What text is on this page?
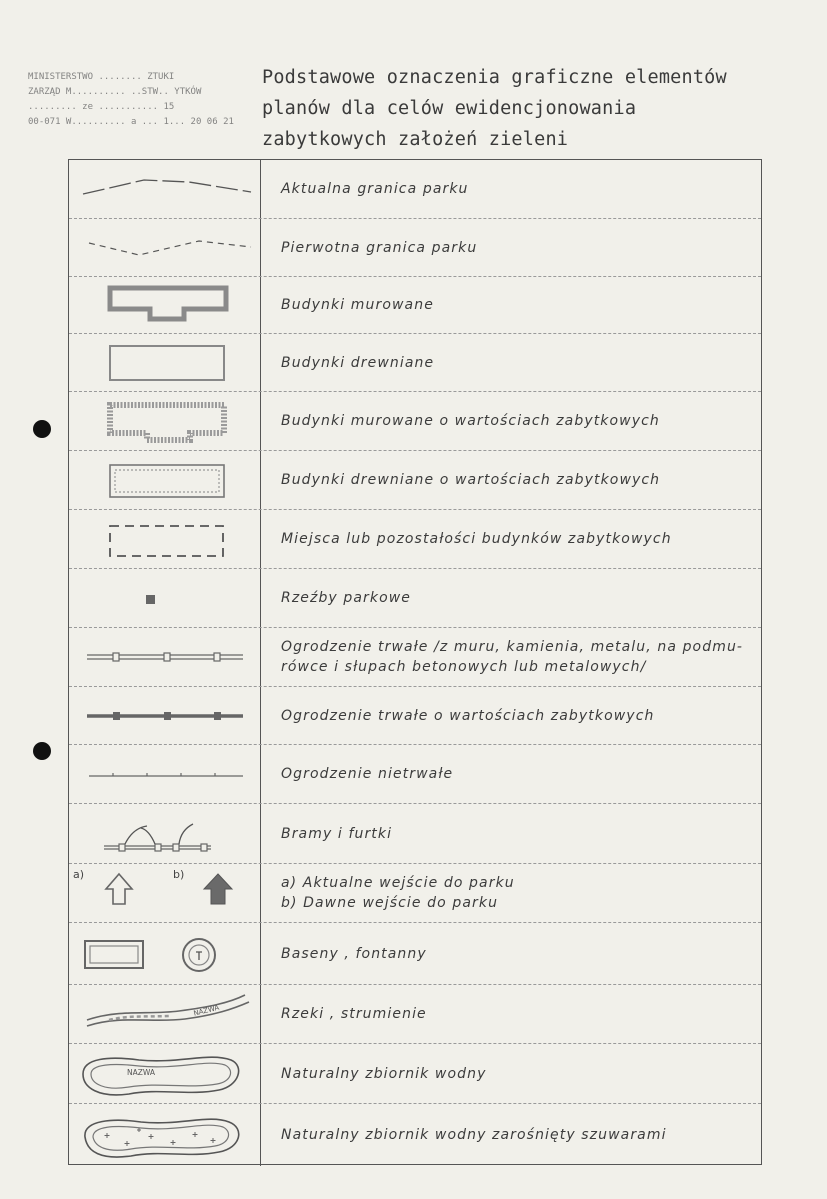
MINISTERSTWO ........ ZTUKI
ZARZĄD M.......... ..STW.. YTKÓW
......... ze ........... 15
00-071 W.......... a ... 1... 20 06 21
Podstawowe oznaczenia graficzne elementów
planów dla celów ewidencjonowania
zabytkowych założeń zieleni
Aktualna granica parku
Pierwotna granica parku
Budynki murowane
Budynki drewniane
Budynki murowane o wartościach zabytkowych
Budynki drewniane o wartościach zabytkowych
Miejsca lub pozostałości budynków zabytkowych
Rzeźby parkowe
Ogrodzenie trwałe /z muru, kamienia, metalu, na podmu-
rówce i słupach betonowych lub metalowych/
Ogrodzenie trwałe o wartościach zabytkowych
Ogrodzenie nietrwałe
Bramy i furtki
a)	b)
a) Aktualne wejście do parku
b) Dawne wejście do parku
Baseny , fontanny
NAZWA	Rzeki , strumienie
NAZWA	Naturalny zbiornik wodny
Naturalny zbiornik wodny zarośnięty szuwarami
